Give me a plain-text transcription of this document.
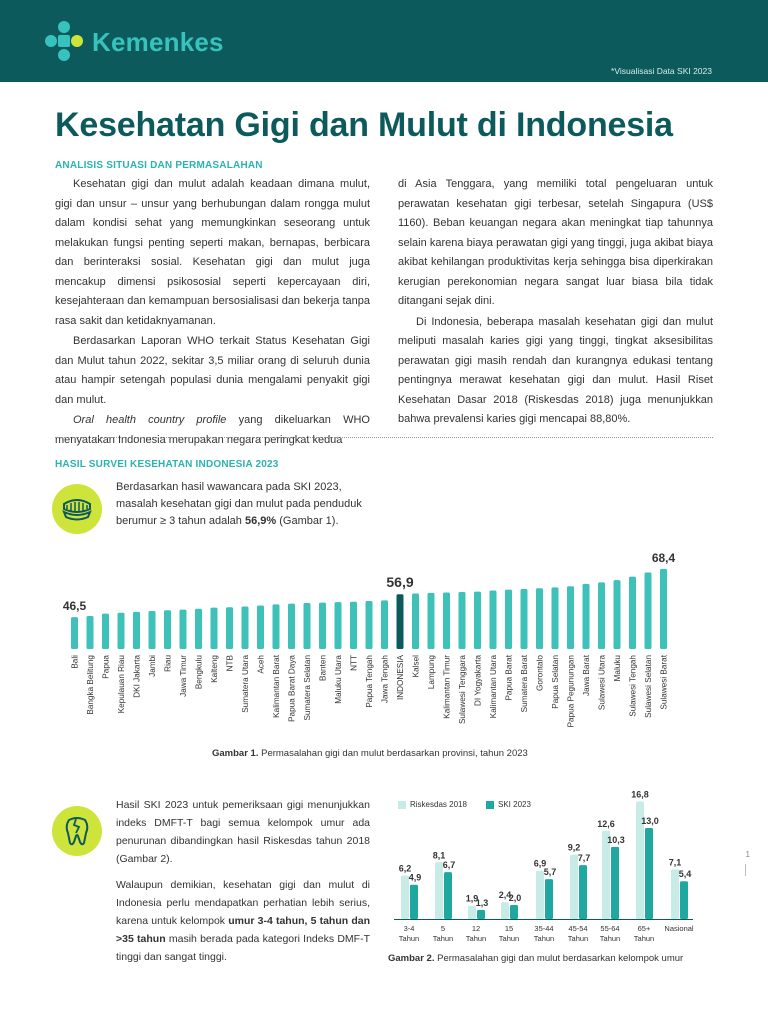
Kemenkes
*Visualisasi Data SKI 2023
Kesehatan Gigi dan Mulut di Indonesia
ANALISIS SITUASI DAN PERMASALAHAN

Kesehatan gigi dan mulut adalah keadaan dimana mulut, gigi dan unsur – unsur yang berhubungan dalam rongga mulut dalam kondisi sehat yang memungkinkan seseorang untuk melakukan fungsi penting seperti makan, bernapas, berbicara dan berinteraksi sosial. Kesehatan gigi dan mulut juga mencakup dimensi psikososial seperti kepercayaan diri, kesejahteraan dan kemampuan bersosialisasi dan bekerja tanpa rasa sakit dan ketidaknyamanan.

Berdasarkan Laporan WHO terkait Status Kesehatan Gigi dan Mulut tahun 2022, sekitar 3,5 miliar orang di seluruh dunia atau hampir setengah populasi dunia mengalami penyakit gigi dan mulut.

Oral health country profile yang dikeluarkan WHO menyatakan Indonesia merupakan negara peringkat kedua

di Asia Tenggara, yang memiliki total pengeluaran untuk perawatan kesehatan gigi terbesar, setelah Singapura (US$ 1160). Beban keuangan negara akan meningkat tiap tahunnya selain karena biaya perawatan gigi yang tinggi, juga akibat biaya akibat kehilangan produktivitas kerja sehingga bisa diperkirakan kerugian perekonomian negara sangat luar biasa bila tidak ditangani sejak dini.

Di Indonesia, beberapa masalah kesehatan gigi dan mulut meliputi masalah karies gigi yang tinggi, tingkat aksesibilitas perawatan gigi masih rendah dan kurangnya edukasi tentang pentingnya merawat kesehatan gigi dan mulut. Hasil Riset Kesehatan Dasar 2018 (Riskesdas 2018) juga menunjukkan bahwa prevalensi karies gigi mencapai 88,80%.

HASIL SURVEI KESEHATAN INDONESIA 2023
Berdasarkan hasil wawancara pada SKI 2023, masalah kesehatan gigi dan mulut pada penduduk berumur ≥ 3 tahun adalah 56,9% (Gambar 1).
46,5
Bali Bangka Belitung Papua Kepulauan Riau DKI Jakarta Jambi Riau Jawa Timur Bengkulu Kalteng NTB Sumatera Utara Aceh Kalimantan Barat Papua Barat Daya Sumatera Selatan Banten Maluku Utara NTT Papua Tengah Jawa Tengah
56,9
INDONESIA Kalsel Lampung Kalimantan Timur Sulawesi Tenggara DI Yogyakarta Kalimantan Utara Papua Barat Sumatera Barat Gorontalo Papua Selatan Papua Pegunungan Jawa Barat Sulawesi Utara Maluku Sulawesi Tengah Sulawesi Selatan
68,4
Sulawesi Barat
Gambar 1. Permasalahan gigi dan mulut berdasarkan provinsi, tahun 2023

Hasil SKI 2023 untuk pemeriksaan gigi menunjukkan indeks DMFT-T bagi semua kelompok umur ada penurunan dibandingkan hasil Riskesdas tahun 2018 (Gambar 2).

Walaupun demikian, kesehatan gigi dan mulut di Indonesia perlu mendapatkan perhatian lebih serius, karena untuk kelompok umur 3-4 tahun, 5 tahun dan >35 tahun masih berada pada kategori Indeks DMF-T tinggi dan sangat tinggi.

Riskesdas 2018	SKI 2023
6,2
4,9
3-4
Tahun
8,1
6,7
5
Tahun
1,9
1,3
12
Tahun
2,4
2,0
15
Tahun
6,9
5,7
35-44
Tahun
9,2
7,7
45-54
Tahun
12,6
10,3
55-64
Tahun
16,8
13,0
65+
Tahun
7,1
5,4
Nasional
Gambar 2. Permasalahan gigi dan mulut berdasarkan kelompok umur
1
